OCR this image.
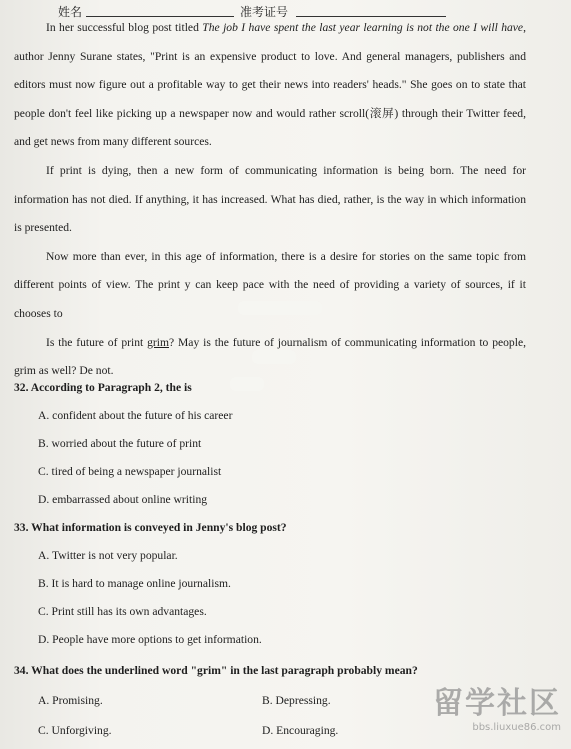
姓名	准考证号

In her successful blog post titled The job I have spent the last year learning is not the one I will have, author Jenny Surane states, "Print is an expensive product to love. And general managers, publishers and editors must now figure out a profitable way to get their news into readers' heads." She goes on to state that people don't feel like picking up a newspaper now and would rather scroll(滚屏) through their Twitter feed, and get news from many different sources.

If print is dying, then a new form of communicating information is being born. The need for information has not died. If anything, it has increased. What has died, rather, is the way in which information is presented.

Now more than ever, in this age of information, there is a desire for stories on the same topic from different points of view. The print y can keep pace with the need of providing a variety of sources, if it chooses to

Is the future of print grim? May is the future of journalism of communicating information to people, grim as well? De not.

32. According to Paragraph 2, the is
A. confident about the future of his career
B. worried about the future of print
C. tired of being a newspaper journalist
D. embarrassed about online writing
33. What information is conveyed in Jenny's blog post?
A. Twitter is not very popular.
B. It is hard to manage online journalism.
C. Print still has its own advantages.
D. People have more options to get information.
34. What does the underlined word "grim" in the last paragraph probably mean?
A. Promising.	B. Depressing.
C. Unforgiving.	D. Encouraging.
留学社区
bbs.liuxue86.com
